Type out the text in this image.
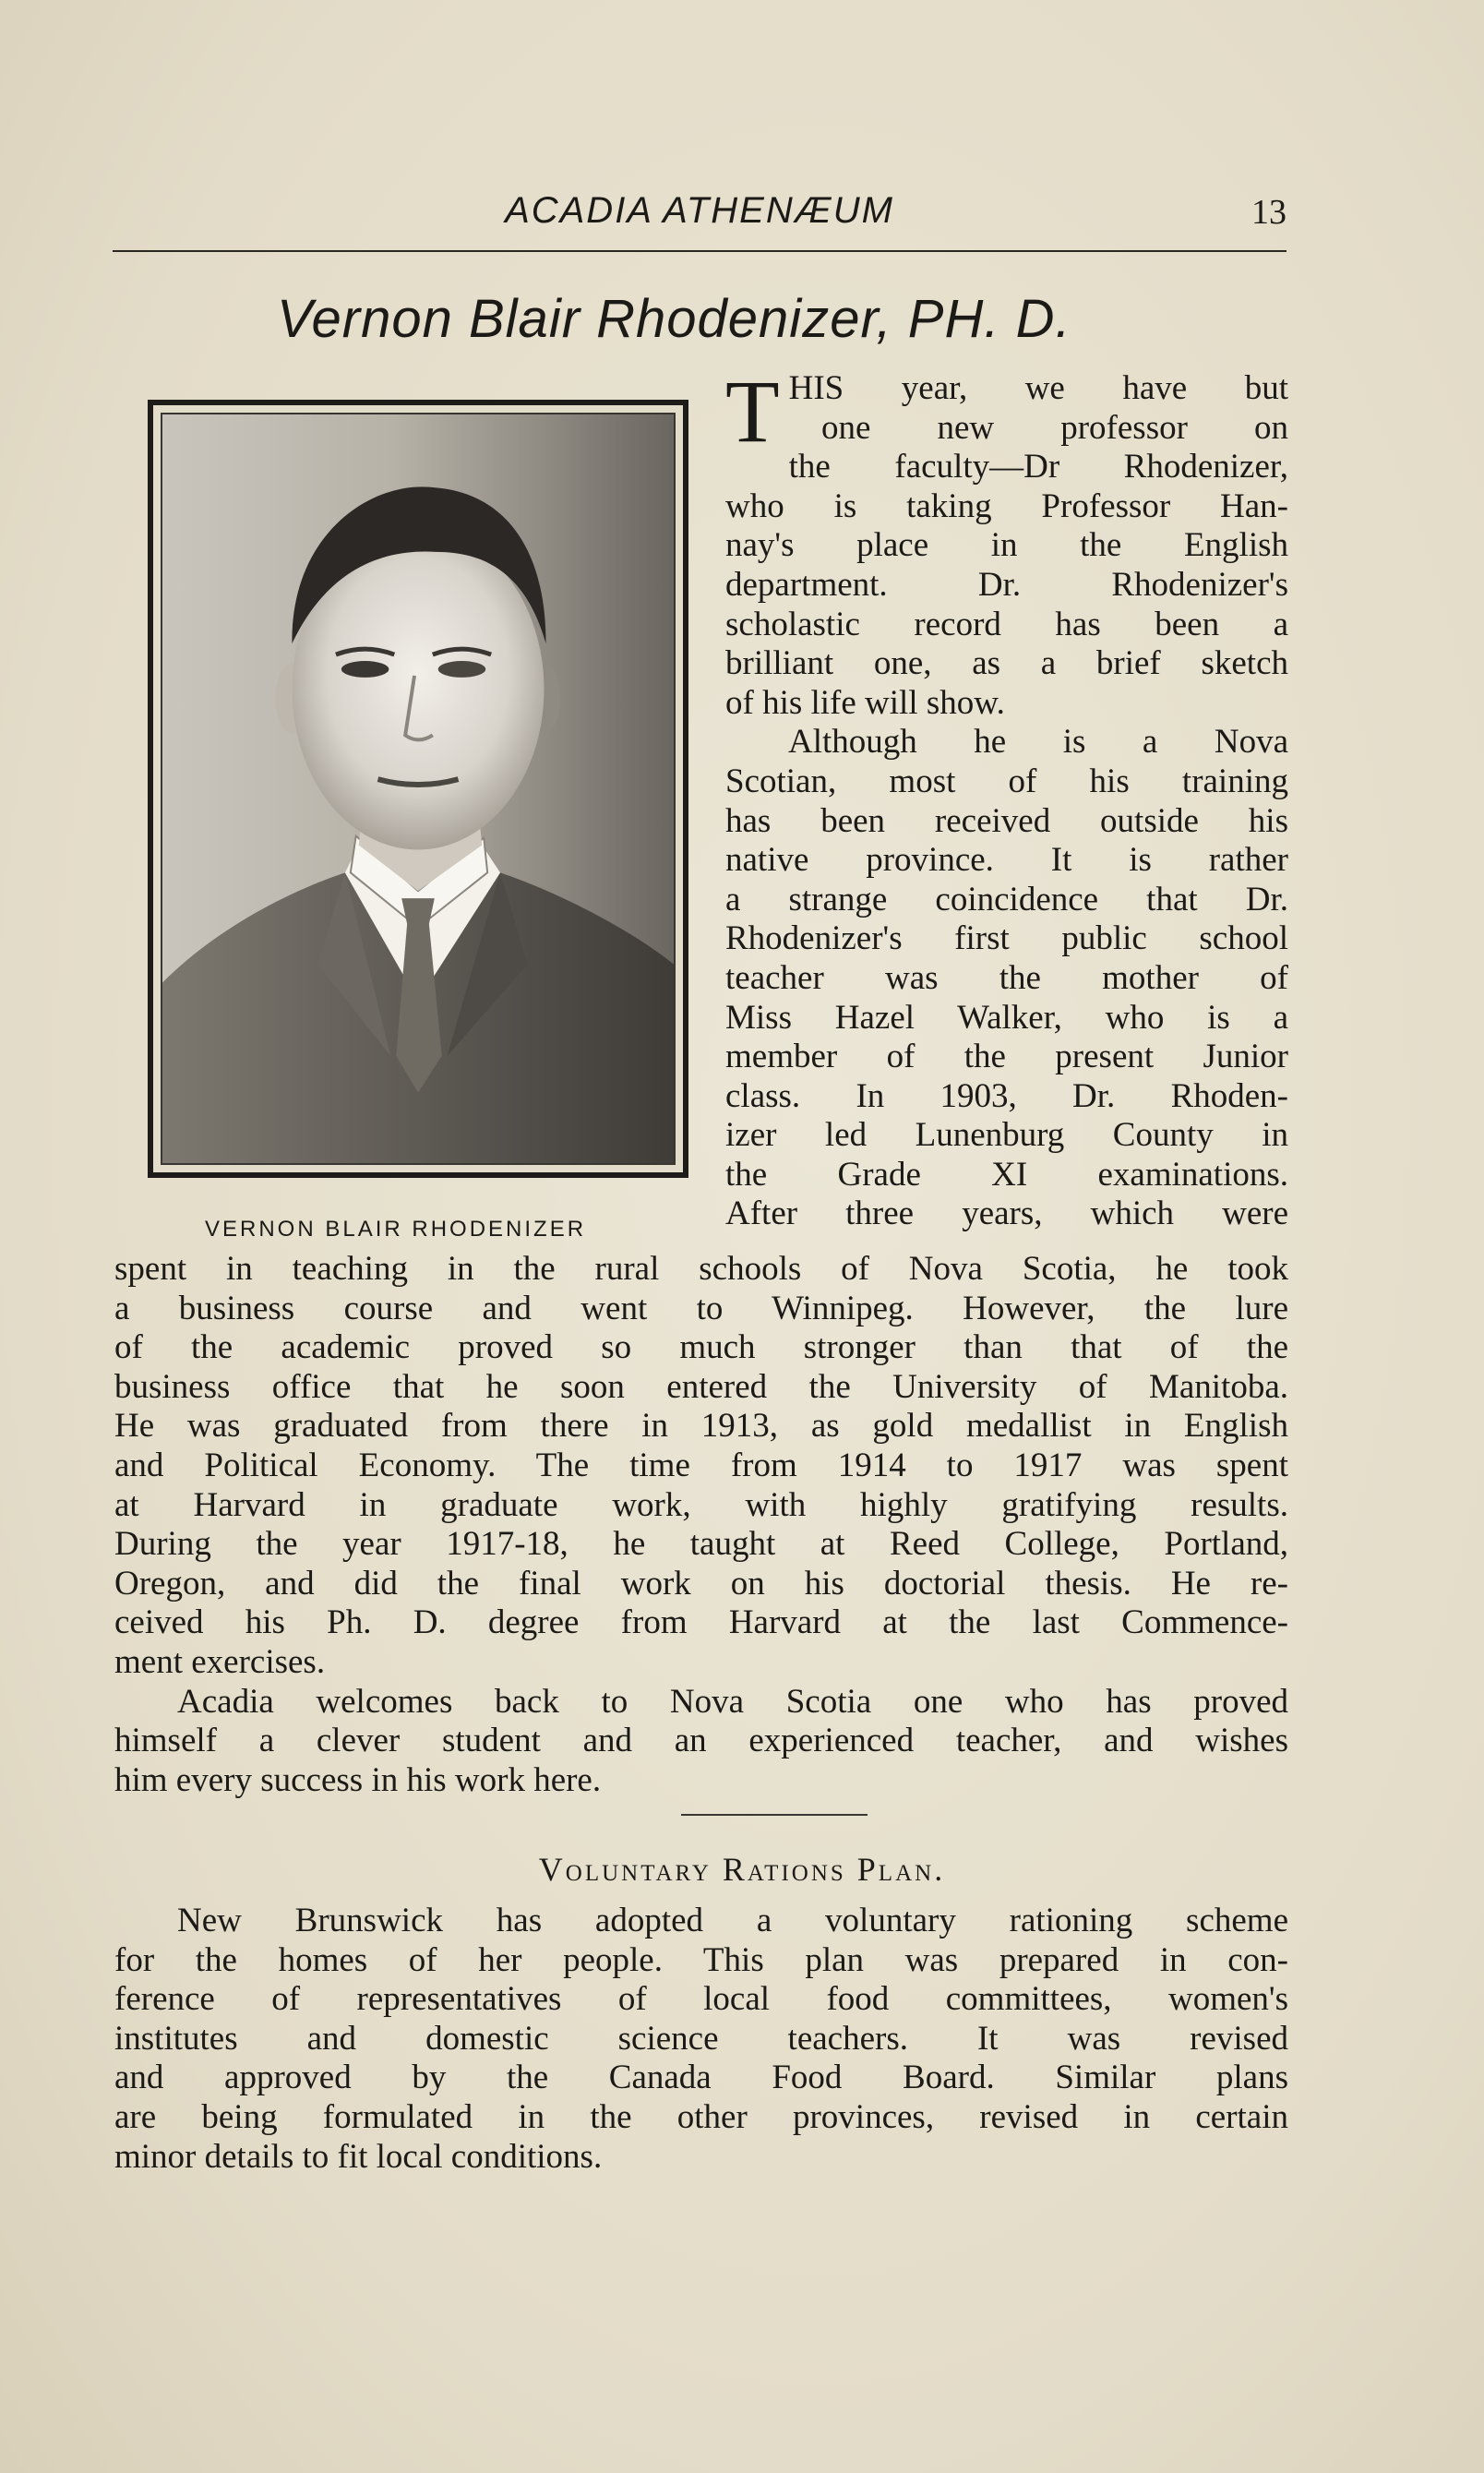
ACADIA ATHENÆUM	13
Vernon Blair Rhodenizer, PH. D.
VERNON BLAIR RHODENIZER
T HIS year, we have but
one new professor on
the faculty—Dr Rhodenizer,
who is taking Professor Han-
nay's place in the English
department. Dr. Rhodenizer's
scholastic record has been a
brilliant one, as a brief sketch
of his life will show.
Although he is a Nova
Scotian, most of his training
has been received outside his
native province. It is rather
a strange coincidence that Dr.
Rhodenizer's first public school
teacher was the mother of
Miss Hazel Walker, who is a
member of the present Junior
class. In 1903, Dr. Rhoden-
izer led Lunenburg County in
the Grade XI examinations.
After three years, which were
spent in teaching in the rural schools of Nova Scotia, he took
a business course and went to Winnipeg. However, the lure
of the academic proved so much stronger than that of the
business office that he soon entered the University of Manitoba.
He was graduated from there in 1913, as gold medallist in English
and Political Economy. The time from 1914 to 1917 was spent
at Harvard in graduate work, with highly gratifying results.
During the year 1917-18, he taught at Reed College, Portland,
Oregon, and did the final work on his doctorial thesis. He re-
ceived his Ph. D. degree from Harvard at the last Commence-
ment exercises.
Acadia welcomes back to Nova Scotia one who has proved
himself a clever student and an experienced teacher, and wishes
him every success in his work here.
Voluntary Rations Plan.
New Brunswick has adopted a voluntary rationing scheme
for the homes of her people. This plan was prepared in con-
ference of representatives of local food committees, women's
institutes and domestic science teachers. It was revised
and approved by the Canada Food Board. Similar plans
are being formulated in the other provinces, revised in certain
minor details to fit local conditions.
